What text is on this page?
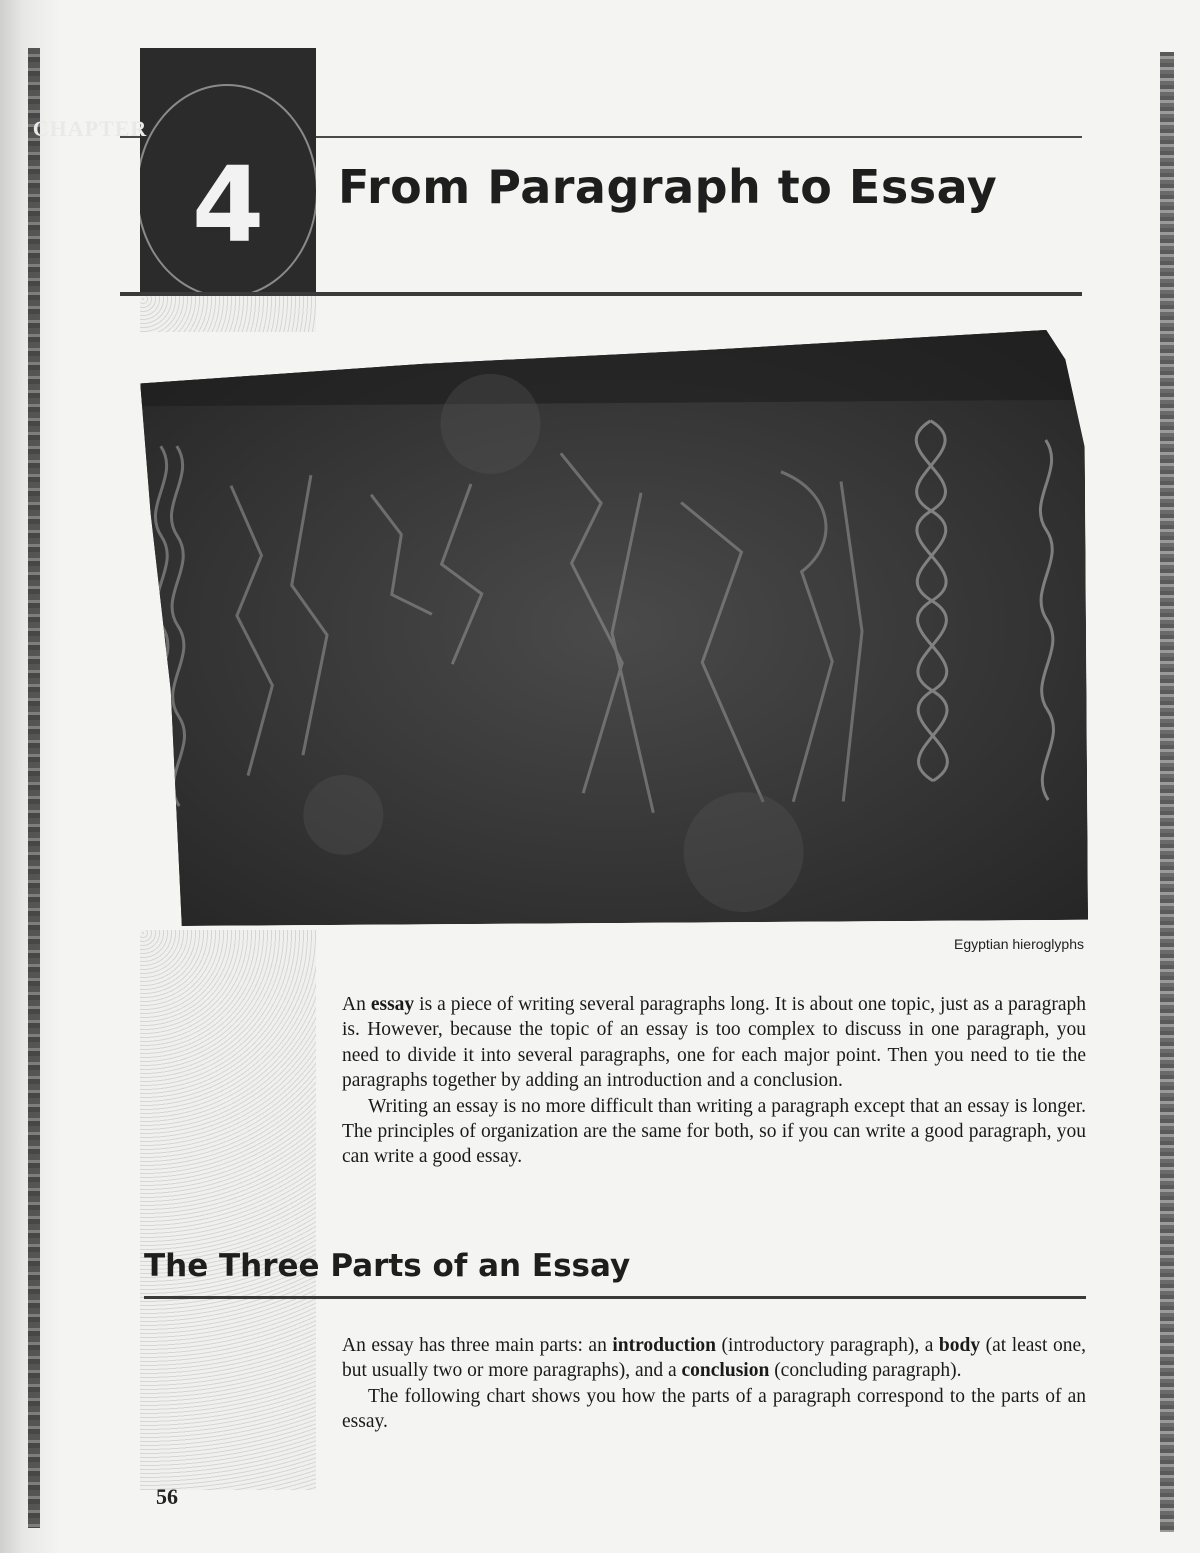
CHAPTER
4	From Paragraph to Essay
Egyptian hieroglyphs

An essay is a piece of writing several paragraphs long. It is about one topic, just as a paragraph is. However, because the topic of an essay is too complex to discuss in one paragraph, you need to divide it into several paragraphs, one for each major point. Then you need to tie the paragraphs together by adding an introduction and a conclusion.

Writing an essay is no more difficult than writing a paragraph except that an essay is longer. The principles of organization are the same for both, so if you can write a good paragraph, you can write a good essay.

The Three Parts of an Essay

An essay has three main parts: an introduction (introductory paragraph), a body (at least one, but usually two or more paragraphs), and a conclusion (concluding paragraph).

The following chart shows you how the parts of a paragraph correspond to the parts of an essay.

56
